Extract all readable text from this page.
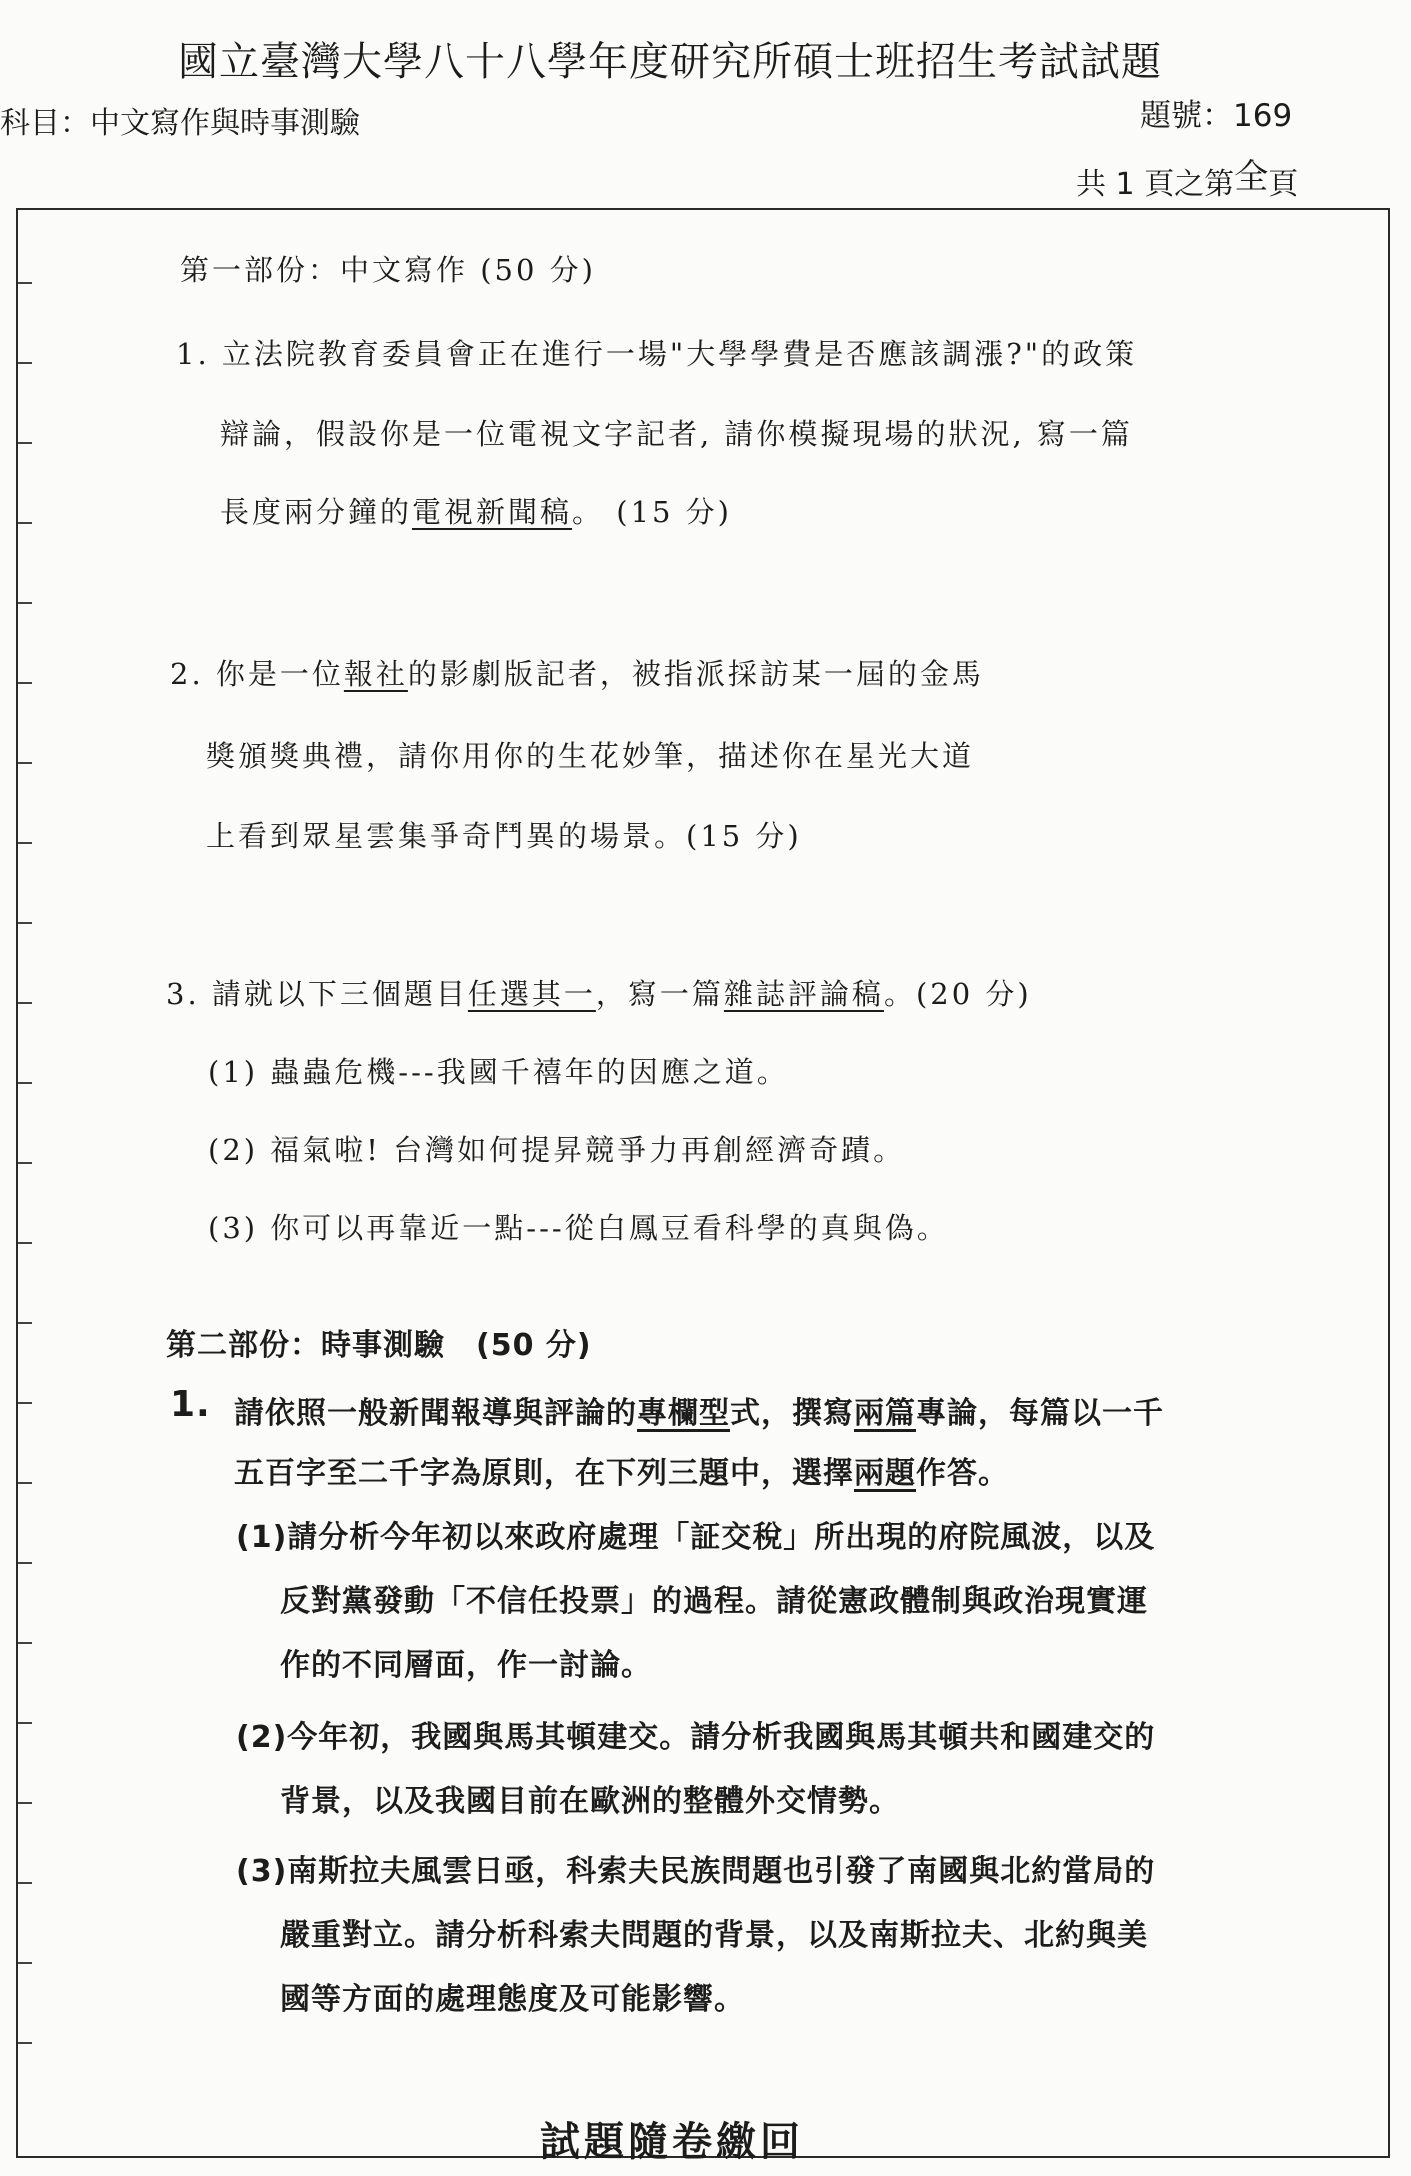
國立臺灣大學八十八學年度研究所碩士班招生考試試題
科目：中文寫作與時事測驗	題號：169
共 1 頁之第全頁
第一部份：中文寫作 (50 分)
1. 立法院教育委員會正在進行一場"大學學費是否應該調漲?"的政策
辯論，假設你是一位電視文字記者, 請你模擬現場的狀況, 寫一篇
長度兩分鐘的電視新聞稿。 (15 分)
2. 你是一位報社的影劇版記者，被指派採訪某一屆的金馬
獎頒獎典禮，請你用你的生花妙筆，描述你在星光大道
上看到眾星雲集爭奇鬥異的場景。(15 分)
3. 請就以下三個題目任選其一，寫一篇雜誌評論稿。(20 分)
(1) 蟲蟲危機---我國千禧年的因應之道。
(2) 福氣啦! 台灣如何提昇競爭力再創經濟奇蹟。
(3) 你可以再靠近一點---從白鳳豆看科學的真與偽。
第二部份：時事測驗　(50 分)
1. 請依照一般新聞報導與評論的專欄型式，撰寫兩篇專論，每篇以一千
五百字至二千字為原則，在下列三題中，選擇兩題作答。
(1)請分析今年初以來政府處理「証交稅」所出現的府院風波，以及
反對黨發動「不信任投票」的過程。請從憲政體制與政治現實運
作的不同層面，作一討論。
(2)今年初，我國與馬其頓建交。請分析我國與馬其頓共和國建交的
背景，以及我國目前在歐洲的整體外交情勢。
(3)南斯拉夫風雲日亟，科索夫民族問題也引發了南國與北約當局的
嚴重對立。請分析科索夫問題的背景，以及南斯拉夫、北約與美
國等方面的處理態度及可能影響。
試題隨卷繳回
